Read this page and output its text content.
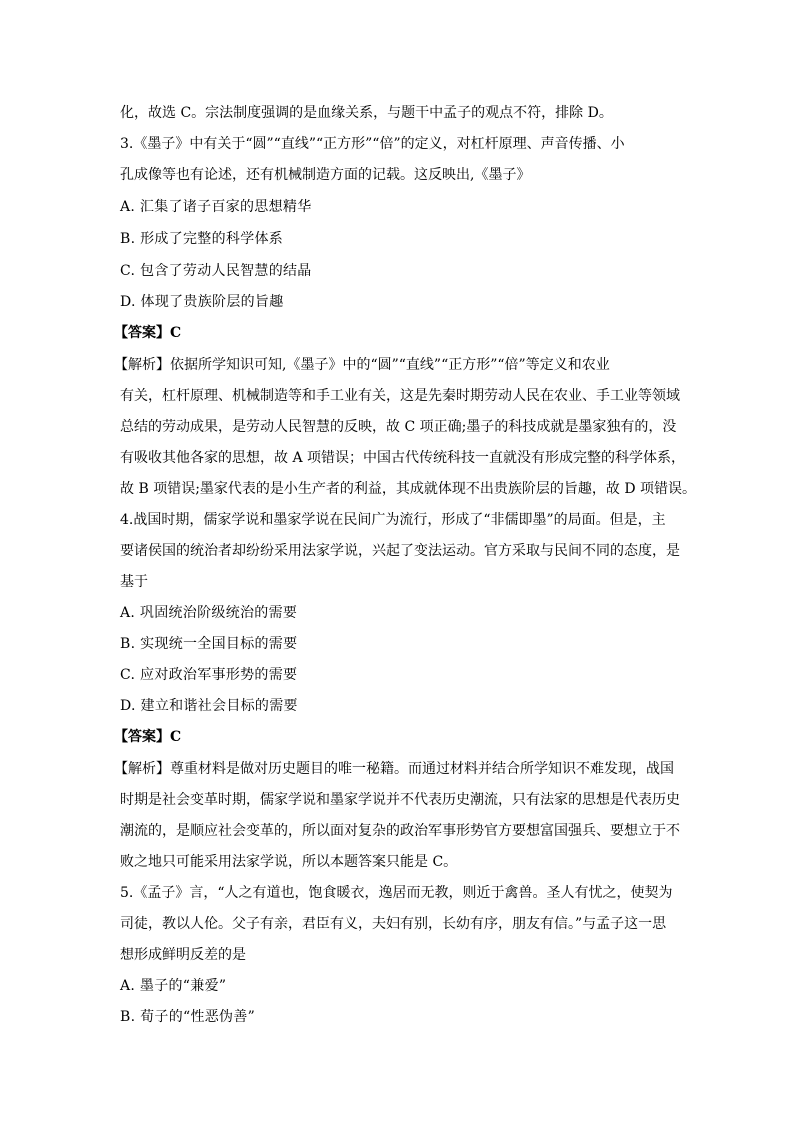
化，故选 C。宗法制度强调的是血缘关系，与题干中孟子的观点不符，排除 D。
3.《墨子》中有关于“圆”“直线”“正方形”“倍”的定义，对杠杆原理、声音传播、小
孔成像等也有论述，还有机械制造方面的记载。这反映出,《墨子》
A. 汇集了诸子百家的思想精华
B. 形成了完整的科学体系
C. 包含了劳动人民智慧的结晶
D. 体现了贵族阶层的旨趣
【答案】C
【解析】依据所学知识可知,《墨子》中的“圆”“直线”“正方形”“倍”等定义和农业
有关，杠杆原理、机械制造等和手工业有关，这是先秦时期劳动人民在农业、手工业等领域
总结的劳动成果，是劳动人民智慧的反映，故 C 项正确;墨子的科技成就是墨家独有的，没
有吸收其他各家的思想，故 A 项错误；中国古代传统科技一直就没有形成完整的科学体系，
故 B 项错误;墨家代表的是小生产者的利益，其成就体现不出贵族阶层的旨趣，故 D 项错误。
4.战国时期，儒家学说和墨家学说在民间广为流行，形成了“非儒即墨”的局面。但是，主
要诸侯国的统治者却纷纷采用法家学说，兴起了变法运动。官方采取与民间不同的态度，是
基于
A. 巩固统治阶级统治的需要
B. 实现统一全国目标的需要
C. 应对政治军事形势的需要
D. 建立和谐社会目标的需要
【答案】C
【解析】尊重材料是做对历史题目的唯一秘籍。而通过材料并结合所学知识不难发现，战国
时期是社会变革时期，儒家学说和墨家学说并不代表历史潮流，只有法家的思想是代表历史
潮流的，是顺应社会变革的，所以面对复杂的政治军事形势官方要想富国强兵、要想立于不
败之地只可能采用法家学说，所以本题答案只能是 C。
5.《孟子》言，“人之有道也，饱食暖衣，逸居而无教，则近于禽兽。圣人有忧之，使契为
司徒，教以人伦。父子有亲，君臣有义，夫妇有别，长幼有序，朋友有信。”与孟子这一思
想形成鲜明反差的是
A. 墨子的“兼爱”
B. 荀子的“性恶伪善”
